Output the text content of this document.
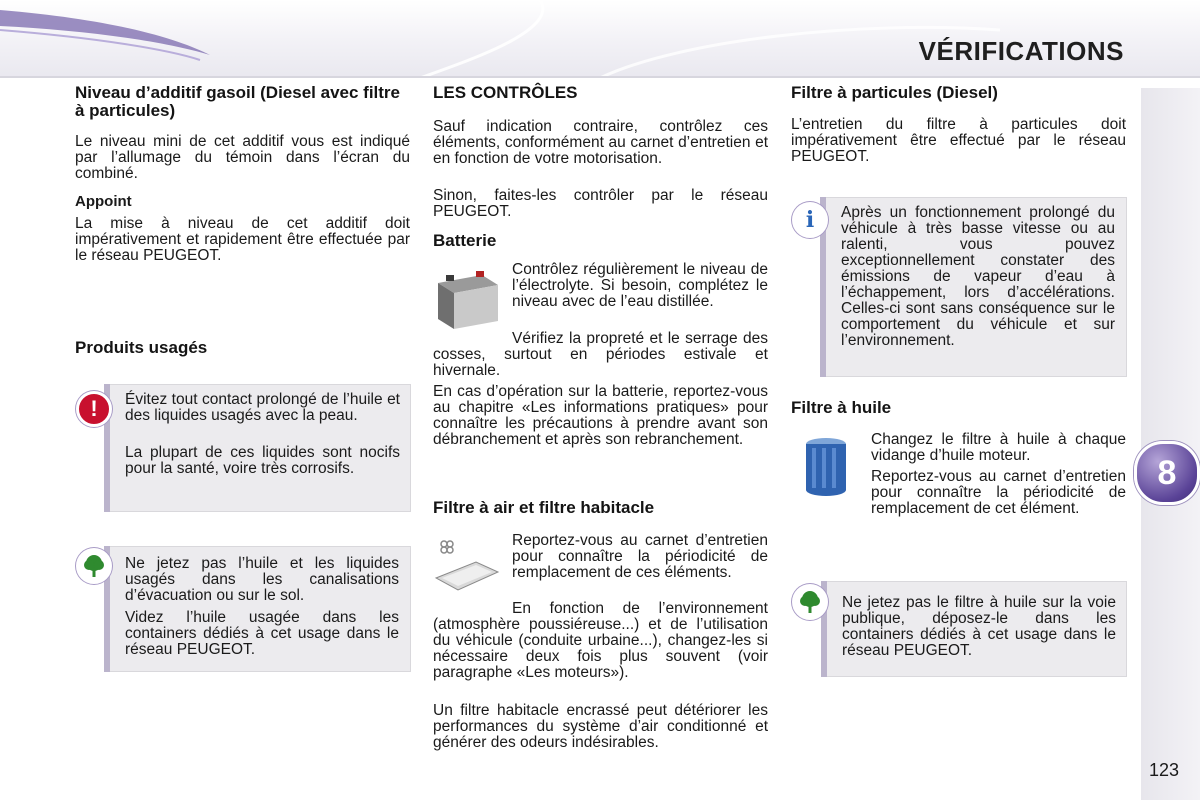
VÉRIFICATIONS
8
123
Niveau d’additif gasoil (Diesel avec filtre à particules)

Le niveau mini de cet additif vous est indiqué par l’allumage du témoin dans l’écran du combiné.

Appoint

La mise à niveau de cet additif doit impérativement et rapidement être effectuée par le réseau PEUGEOT.

Produits usagés
! Évitez tout contact prolongé de l’huile et des liquides usagés avec la peau.

La plupart de ces liquides sont nocifs pour la santé, voire très corrosifs.

Ne jetez pas l’huile et les liquides usagés dans les canalisations d’évacuation ou sur le sol.

Videz l’huile usagée dans les containers dédiés à cet usage dans le réseau PEUGEOT.

LES CONTRÔLES

Sauf indication contraire, contrôlez ces éléments, conformément au carnet d’entretien et en fonction de votre motorisation.

Sinon, faites-les contrôler par le réseau PEUGEOT.

Batterie

Contrôlez régulièrement le niveau de l’électrolyte. Si besoin, complétez le niveau avec de l’eau distillée.

Vérifiez la propreté et le serrage des cosses, surtout en périodes estivale et hivernale.

En cas d’opération sur la batterie, reportez-vous au chapitre «Les informations pratiques» pour connaître les précautions à prendre avant son débranchement et après son rebranchement.

Filtre à air et filtre habitacle

Reportez-vous au carnet d’entretien pour connaître la périodicité de remplacement de ces éléments.

En fonction de l’environnement (atmosphère poussiéreuse...) et de l’utilisation du véhicule (conduite urbaine...), changez-les si nécessaire deux fois plus souvent (voir paragraphe «Les moteurs»).

Un filtre habitacle encrassé peut détériorer les performances du système d’air conditionné et générer des odeurs indésirables.

Filtre à particules (Diesel)

L’entretien du filtre à particules doit impérativement être effectué par le réseau PEUGEOT.

i Après un fonctionnement prolongé du véhicule à très basse vitesse ou au ralenti, vous pouvez exceptionnellement constater des émissions de vapeur d’eau à l’échappement, lors d’accélérations. Celles-ci sont sans conséquence sur le comportement du véhicule et sur l’environnement.

Filtre à huile

Changez le filtre à huile à chaque vidange d’huile moteur.

Reportez-vous au carnet d’entretien pour connaître la périodicité de remplacement de cet élément.

Ne jetez pas le filtre à huile sur la voie publique, déposez-le dans les containers dédiés à cet usage dans le réseau PEUGEOT.
